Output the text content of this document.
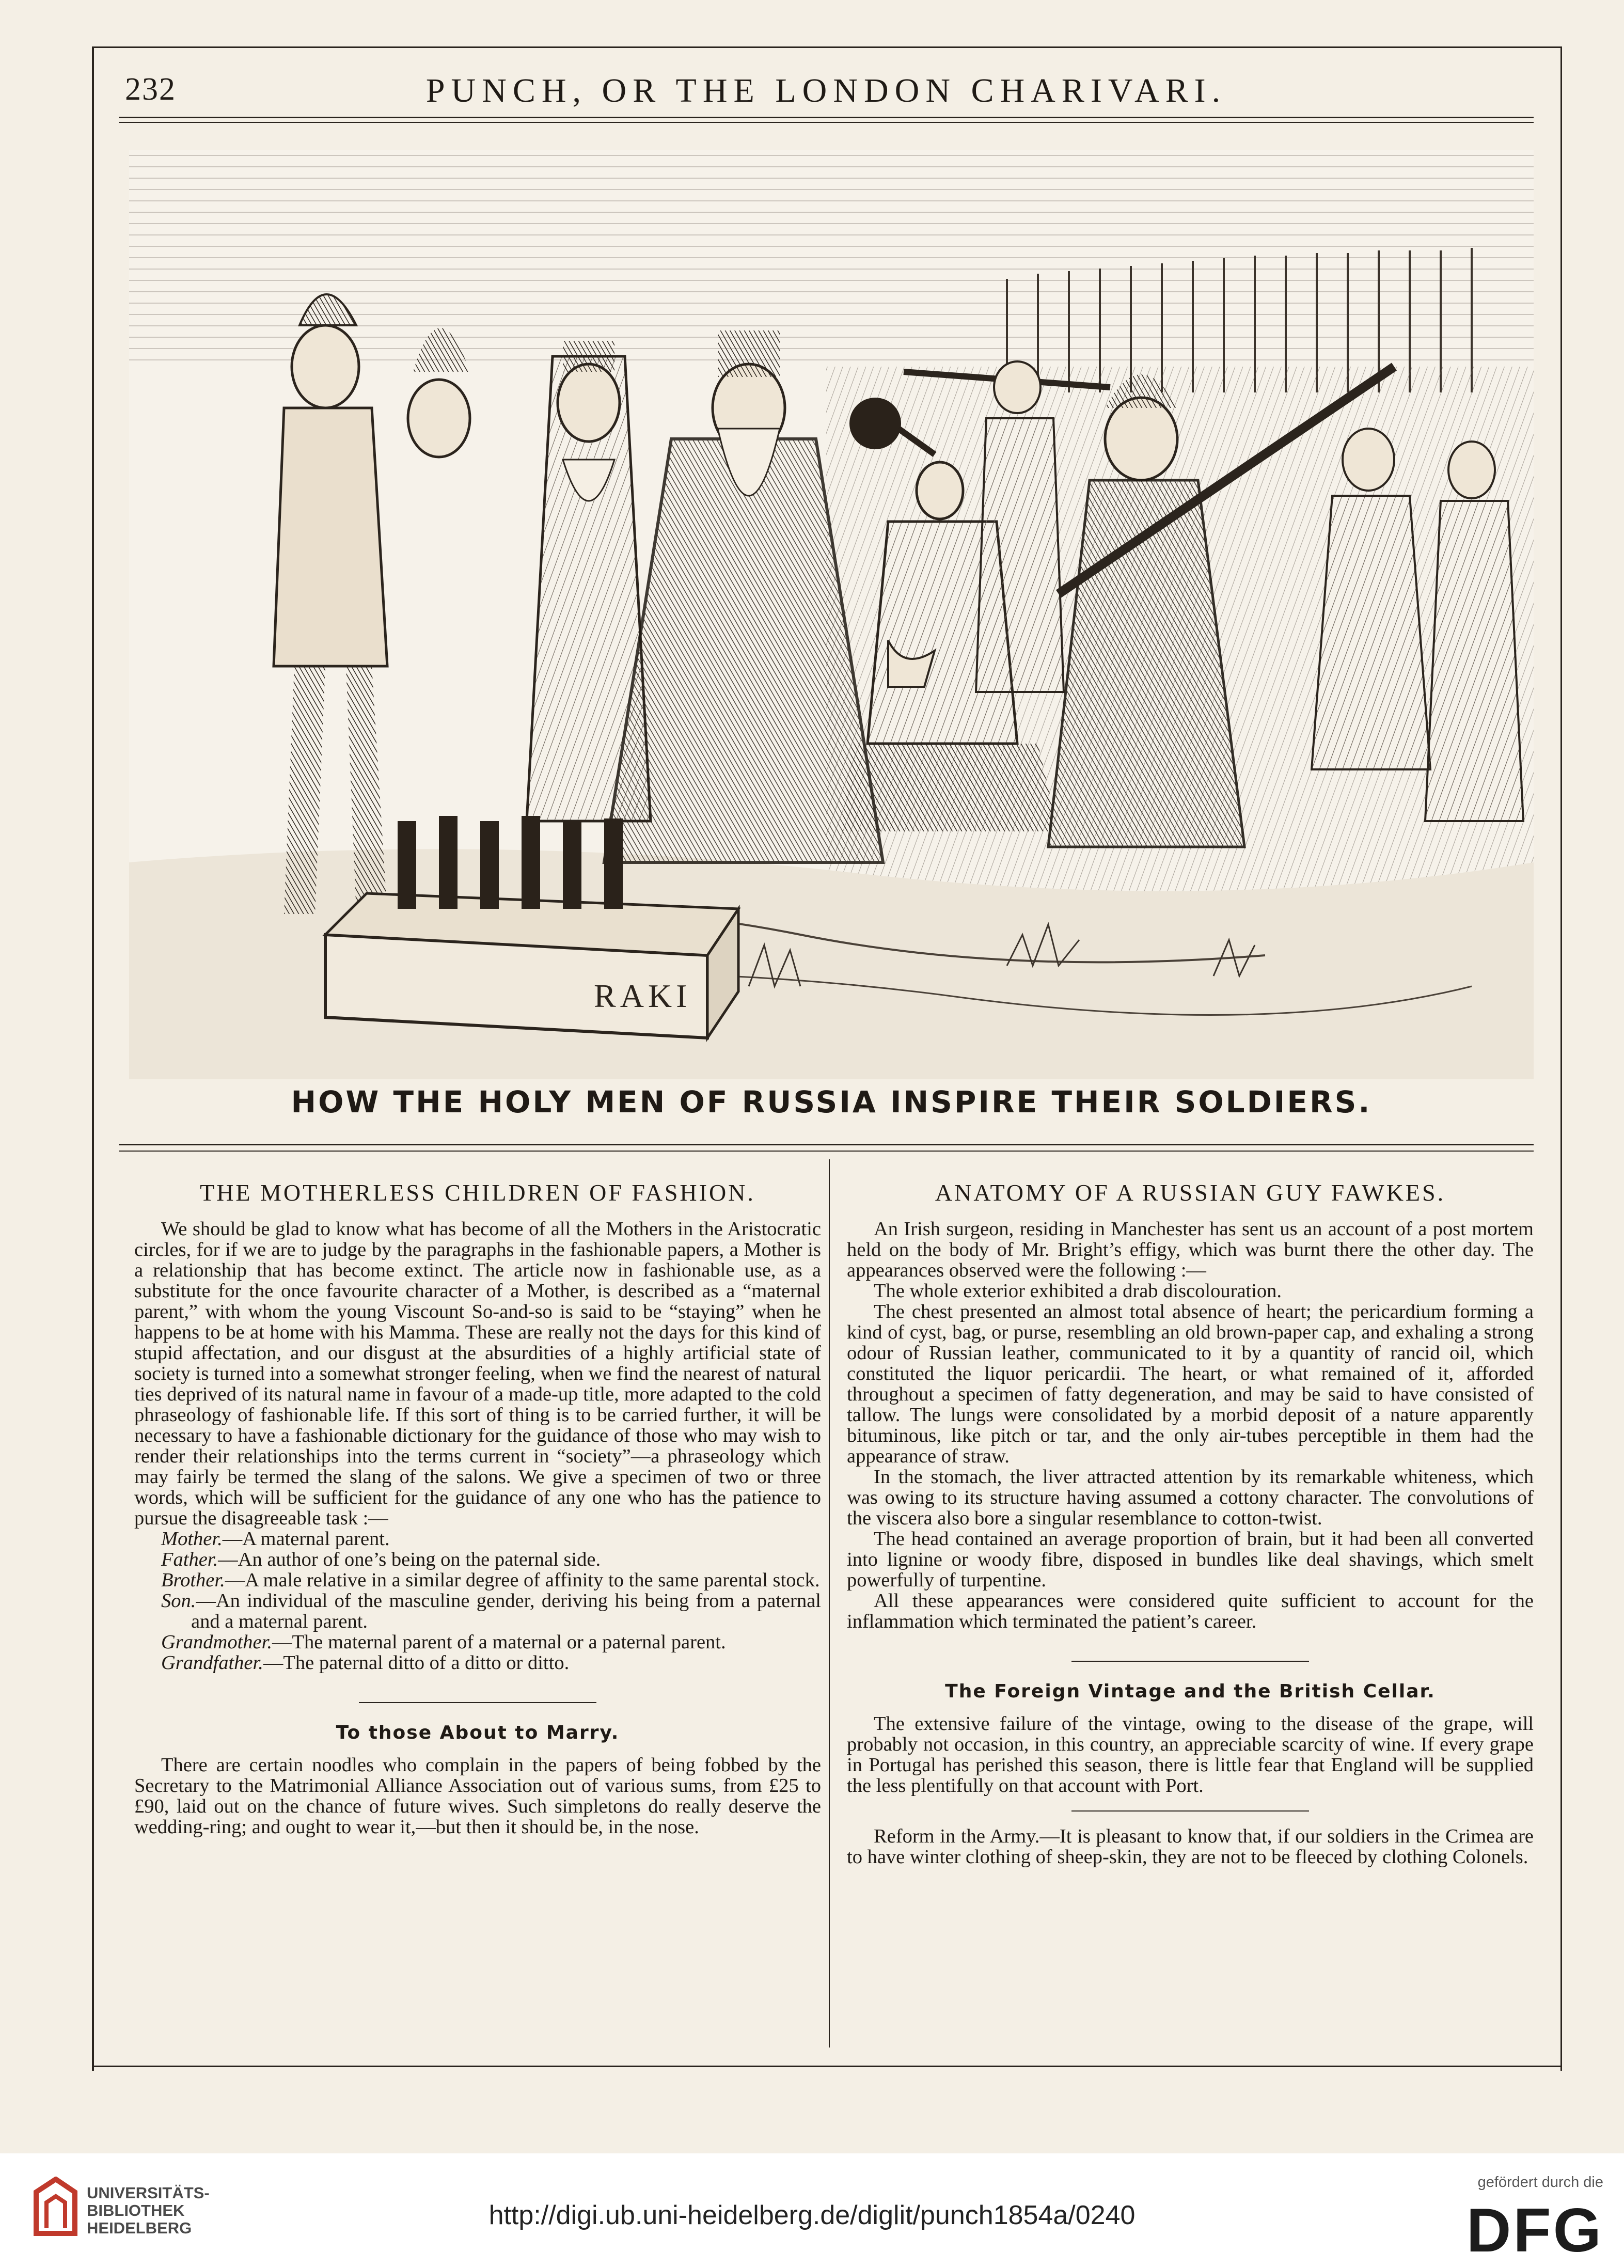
232	PUNCH, OR THE LONDON CHARIVARI.
RAKI
HOW THE HOLY MEN OF RUSSIA INSPIRE THEIR SOLDIERS.
THE MOTHERLESS CHILDREN OF FASHION.

We should be glad to know what has become of all the Mothers in the Aristocratic circles, for if we are to judge by the paragraphs in the fashionable papers, a Mother is a relationship that has become extinct. The article now in fashionable use, as a substitute for the once favourite character of a Mother, is described as a “maternal parent,” with whom the young Viscount So-and-so is said to be “staying” when he happens to be at home with his Mamma. These are really not the days for this kind of stupid affectation, and our disgust at the absurdities of a highly artificial state of society is turned into a somewhat stronger feeling, when we find the nearest of natural ties deprived of its natural name in favour of a made-up title, more adapted to the cold phraseology of fashionable life. If this sort of thing is to be carried further, it will be necessary to have a fashionable dictionary for the guidance of those who may wish to render their relationships into the terms current in “society”—a phraseology which may fairly be termed the slang of the salons. We give a specimen of two or three words, which will be sufficient for the guidance of any one who has the patience to pursue the disagreeable task :—

Mother.—A maternal parent.

Father.—An author of one’s being on the paternal side.

Brother.—A male relative in a similar degree of affinity to the same parental stock.

Son.—An individual of the masculine gender, deriving his being from a paternal and a maternal parent.

Grandmother.—The maternal parent of a maternal or a paternal parent.

Grandfather.—The paternal ditto of a ditto or ditto.

To those About to Marry.

There are certain noodles who complain in the papers of being fobbed by the Secretary to the Matrimonial Alliance Association out of various sums, from £25 to £90, laid out on the chance of future wives. Such simpletons do really deserve the wedding-ring; and ought to wear it,—but then it should be, in the nose.

ANATOMY OF A RUSSIAN GUY FAWKES.

An Irish surgeon, residing in Manchester has sent us an account of a post mortem held on the body of Mr. Bright’s effigy, which was burnt there the other day. The appearances observed were the following :—

The whole exterior exhibited a drab discolouration.

The chest presented an almost total absence of heart; the pericardium forming a kind of cyst, bag, or purse, resembling an old brown-paper cap, and exhaling a strong odour of Russian leather, communicated to it by a quantity of rancid oil, which constituted the liquor pericardii. The heart, or what remained of it, afforded throughout a specimen of fatty degeneration, and may be said to have consisted of tallow. The lungs were consolidated by a morbid deposit of a nature apparently bituminous, like pitch or tar, and the only air-tubes perceptible in them had the appearance of straw.

In the stomach, the liver attracted attention by its remarkable whiteness, which was owing to its structure having assumed a cottony character. The convolutions of the viscera also bore a singular resemblance to cotton-twist.

The head contained an average proportion of brain, but it had been all converted into lignine or woody fibre, disposed in bundles like deal shavings, which smelt powerfully of turpentine.

All these appearances were considered quite sufficient to account for the inflammation which terminated the patient’s career.

The Foreign Vintage and the British Cellar.

The extensive failure of the vintage, owing to the disease of the grape, will probably not occasion, in this country, an appreciable scarcity of wine. If every grape in Portugal has perished this season, there is little fear that England will be supplied the less plentifully on that account with Port.

Reform in the Army.—It is pleasant to know that, if our soldiers in the Crimea are to have winter clothing of sheep-skin, they are not to be fleeced by clothing Colonels.

UNIVERSITÄTS-
BIBLIOTHEK
HEIDELBERG	http://digi.ub.uni-heidelberg.de/diglit/punch1854a/0240
gefördert durch die
DFG
